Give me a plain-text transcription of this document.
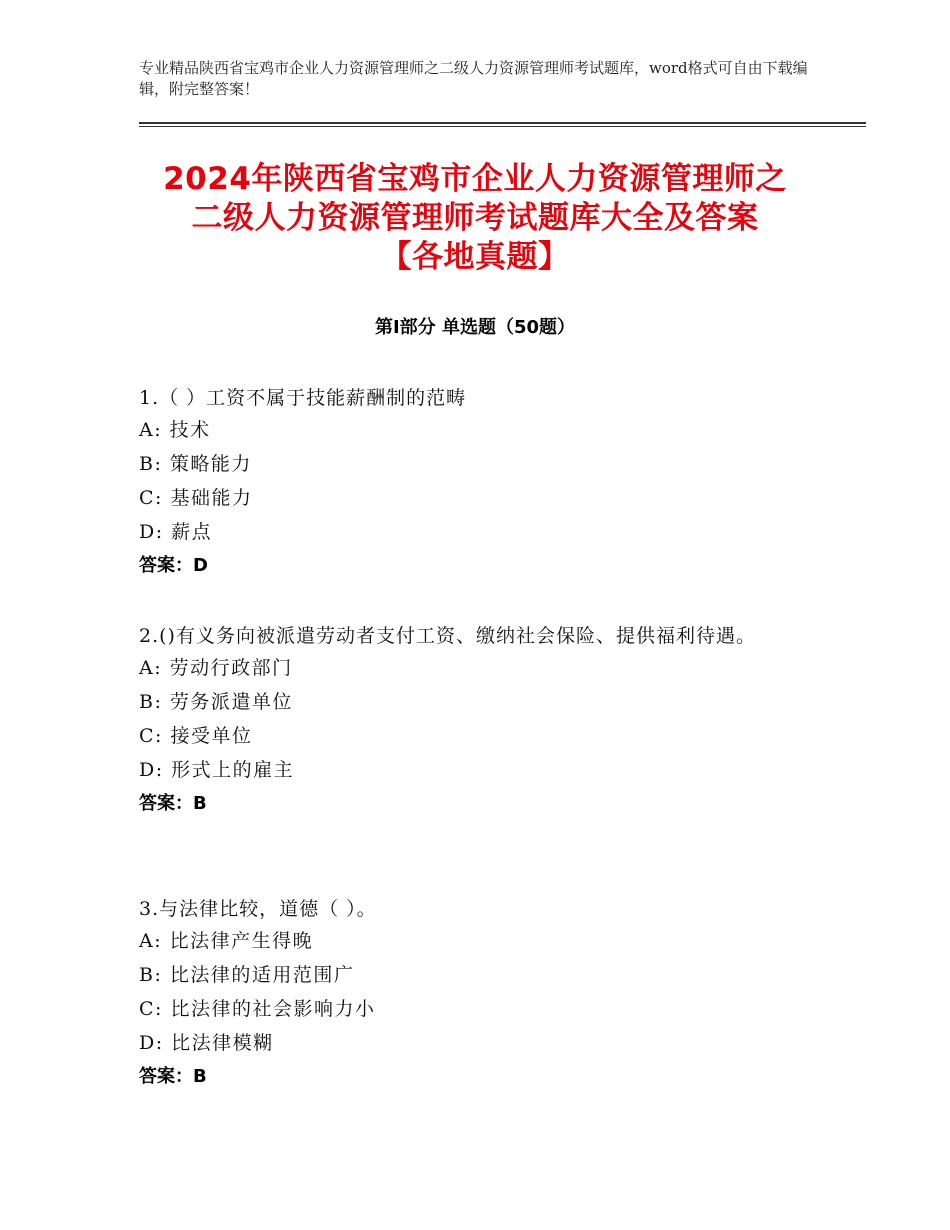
专业精品陕西省宝鸡市企业人力资源管理师之二级人力资源管理师考试题库，word格式可自由下载编辑，附完整答案！
2024年陕西省宝鸡市企业人力资源管理师之
二级人力资源管理师考试题库大全及答案
【各地真题】
第Ⅰ部分 单选题（50题）

1.（ ）工资不属于技能薪酬制的范畴

A: 技术

B: 策略能力

C: 基础能力

D: 薪点

答案：D

2.()有义务向被派遣劳动者支付工资、缴纳社会保险、提供福利待遇。

A: 劳动行政部门

B: 劳务派遣单位

C: 接受单位

D: 形式上的雇主

答案：B

3.与法律比较，道德（ ）。

A: 比法律产生得晚

B: 比法律的适用范围广

C: 比法律的社会影响力小

D: 比法律模糊

答案：B
